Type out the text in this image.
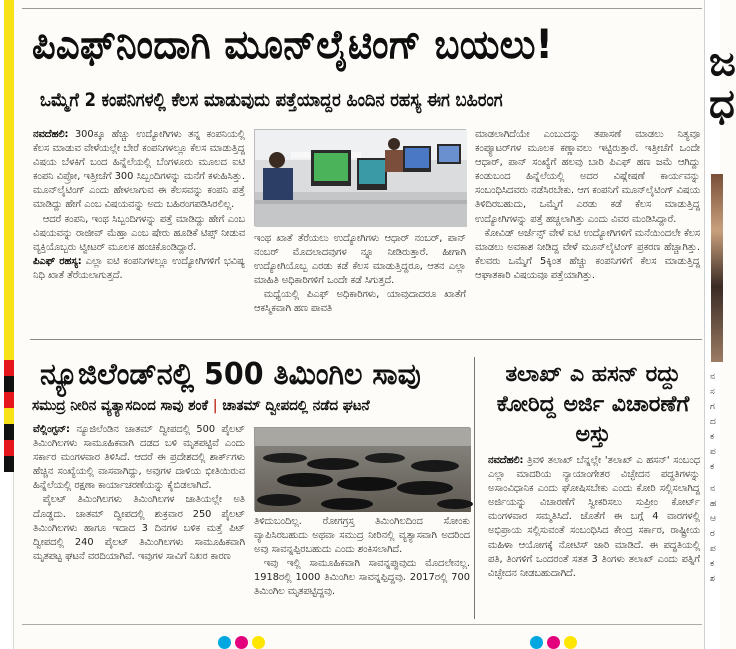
ಜ
ಧ
ನ
ಸ
ಗ
ದ
ಕ
ಪ
ಕ
ನ
ಹ
ಆ
ರ
ಪ
ಕ
ಶ
ಪಿಎಫ್‌ನಿಂದಾಗಿ ಮೂನ್‌ಲೈಟಿಂಗ್ ಬಯಲು!
ಒಮ್ಮೆಗೆ 2 ಕಂಪನಿಗಳಲ್ಲಿ ಕೆಲಸ ಮಾಡುವುದು ಪತ್ತೆಯಾದ್ದರ ಹಿಂದಿನ ರಹಸ್ಯ ಈಗ ಬಹಿರಂಗ
ನವದೆಹಲಿ: 300ಕ್ಕೂ ಹೆಚ್ಚು ಉದ್ಯೋಗಿಗಳು ತನ್ನ ಕಂಪನಿಯಲ್ಲಿ ಕೆಲಸ ಮಾಡುವ ವೇಳೆಯಲ್ಲೇ ಬೇರೆ ಕಂಪನಿಗಳಲ್ಲೂ ಕೆಲಸ ಮಾಡುತ್ತಿದ್ದ ವಿಷಯ ಬೆಳಕಿಗೆ ಬಂದ ಹಿನ್ನೆಲೆಯಲ್ಲಿ ಬೆಂಗಳೂರು ಮೂಲದ ಐಟಿ ಕಂಪನಿ ವಿಪ್ರೋ, ಇತ್ತೀಚೆಗೆ 300 ಸಿಬ್ಬಂದಿಗಳನ್ನು ಮನೆಗೆ ಕಳುಹಿಸಿತ್ತು. ಮೂನ್‌ಲೈಟಿಂಗ್ ಎಂದು ಹೇಳಲಾಗುವ ಈ ಕೆಲಸವನ್ನು ಕಂಪನಿ ಪತ್ತೆ ಮಾಡಿದ್ದು ಹೇಗೆ ಎಂಬ ವಿಷಯವನ್ನು ಅದು ಬಹಿರಂಗಪಡಿಸಿರಲಿಲ್ಲ.
 ಆದರೆ ಕಂಪನಿ, ಇಂಥ ಸಿಬ್ಬಂದಿಗಳನ್ನು ಪತ್ತೆ ಮಾಡಿದ್ದು ಹೇಗೆ ಎಂಬ ವಿಷಯವನ್ನು ರಾಜೀವ್ ಮೆಹ್ತಾ ಎಂಬ ಷೇರು ಹೂಡಿಕೆ ಟಿಪ್ಸ್ ನೀಡುವ ವ್ಯಕ್ತಿಯೊಬ್ಬರು ಟ್ವೀಟರ್ ಮೂಲಕ ಹಂಚಿಕೊಂಡಿದ್ದಾರೆ.
ಪಿಎಫ್ ರಹಸ್ಯ: ಎಲ್ಲಾ ಐಟಿ ಕಂಪನಿಗಳಲ್ಲೂ ಉದ್ಯೋಗಿಗಳಿಗೆ ಭವಿಷ್ಯ ನಿಧಿ ಖಾತೆ ತೆರೆಯಲಾಗುತ್ತದೆ.
ಇಂಥ ಖಾತೆ ತೆರೆಯಲು ಉದ್ಯೋಗಿಗಳು ಆಧಾರ್ ನಂಬರ್, ಪಾನ್ ನಂಬರ್ ಮೊದಲಾದವುಗಳ ನ್ನೂ ನೀಡಿರುತ್ತಾರೆ. ಹೀಗಾಗಿ ಉದ್ಯೋಗಿಯೊಬ್ಬ ಎರಡು ಕಡೆ ಕೆಲಸ ಮಾಡುತ್ತಿದ್ದರೂ, ಆತನ ಎಲ್ಲಾ ಮಾಹಿತಿ ಅಧಿಕಾರಿಗಳಿಗೆ ಒಂದೇ ಕಡೆ ಸಿಗುತ್ತದೆ.
 ಮಧ್ಯೆಯಲ್ಲಿ ಪಿಎಫ್ ಅಧಿಕಾರಿಗಳು, ಯಾವುದಾದರೂ ಖಾತೆಗೆ ಆಕಸ್ಮಿಕವಾಗಿ ಹಣ ಪಾವತಿ
ಮಾಡಲಾಗಿದೆಯೇ ಎಂಬುದನ್ನು ತಪಾಸಣೆ ಮಾಡಲು ನಿತ್ಯವೂ ಕಂಪ್ಯೂಟರ್‌ಗಳ ಮೂಲಕ ಕಣ್ಣಾವಲು ಇಟ್ಟಿರುತ್ತಾರೆ. ಇತ್ತೀಚೆಗೆ ಒಂದೇ ಆಧಾರ್, ಪಾನ್ ಸಂಖ್ಯೆಗೆ ಹಲವು ಬಾರಿ ಪಿಎಫ್ ಹಣ ಜಮೆ ಆಗಿದ್ದು ಕಂಡುಬಂದ ಹಿನ್ನೆಲೆಯಲ್ಲಿ ಅದರ ವಿಷ್ಲೇಷಣೆ ಕಾರ್ಯವನ್ನು ಸಂಬಂಧಿಸಿದವರು ನಡೆಸಿರಬೇಕು. ಆಗ ಕಂಪನಿಗೆ ಮೂನ್‌ಲೈಟಿಂಗ್ ವಿಷಯ ತಿಳಿದಿರಬಹುದು, ಒಮ್ಮೆಗೆ ಎರಡು ಕಡೆ ಕೆಲಸ ಮಾಡುತ್ತಿದ್ದ ಉದ್ಯೋಗಿಗಳನ್ನು ಪತ್ತೆ ಹಚ್ಚಲಾಗಿತ್ತು ಎಂದು ವಿವರ ಮಂಡಿಸಿದ್ದಾರೆ.
 ಕೋವಿಡ್ ಅರ್ಜೆನ್ಸ್ ವೇಳೆ ಐಟಿ ಉದ್ಯೋಗಿಗಳಿಗೆ ಮನೆಯಿಂದಲೇ ಕೆಲಸ ಮಾಡಲು ಅವಕಾಶ ನೀಡಿದ್ದ ವೇಳೆ ಮೂನ್‌ಲೈಟಿಂಗ್ ಪ್ರಕರಣ ಹೆಚ್ಚಾಗಿತ್ತು. ಕೆಲವರು ಒಮ್ಮೆಗೆ 5ಕ್ಕಿಂತ ಹೆಚ್ಚು ಕಂಪನಿಗಳಿಗೆ ಕೆಲಸ ಮಾಡುತ್ತಿದ್ದ ಆಘಾತಕಾರಿ ವಿಷಯವೂ ಪತ್ತೆಯಾಗಿತ್ತು.
ನ್ಯೂಜಿಲೆಂಡ್‌ನಲ್ಲಿ 500 ತಿಮಿಂಗಿಲ ಸಾವು
ಸಮುದ್ರ ನೀರಿನ ವ್ಯತ್ಯಾಸದಿಂದ ಸಾವು ಶಂಕೆ | ಚಾತಮ್ ದ್ವೀಪದಲ್ಲಿ ನಡೆದ ಘಟನೆ
ವೆಲ್ಲಿಂಗ್ಟನ್: ನ್ಯೂಜಿಲೆಂಡಿನ ಚಾತಮ್ ದ್ವೀಪದಲ್ಲಿ 500 ಪೈಲಟ್ ತಿಮಿಂಗಿಲಗಳು ಸಾಮೂಹಿಕವಾಗಿ ದಡದ ಬಳಿ ಮೃತಪಟ್ಟಿವೆ ಎಂದು ಸರ್ಕಾರ ಮಂಗಳವಾರ ತಿಳಿಸಿದೆ. ಆದರೆ ಈ ಪ್ರದೇಶದಲ್ಲಿ ಶಾರ್ಕ್‌ಗಳು ಹೆಚ್ಚಿನ ಸಂಖ್ಯೆಯಲ್ಲಿ ವಾಸವಾಗಿದ್ದು, ಅವುಗಳ ದಾಳಿಯ ಭೀತಿಯಿರುವ ಹಿನ್ನೆಲೆಯಲ್ಲಿ ರಕ್ಷಣಾ ಕಾರ್ಯಾಚರಣೆಯನ್ನು ಕೈಬಿಡಲಾಗಿದೆ.
 ಪೈಲಟ್ ತಿಮಿಂಗಿಲಗಳು ತಿಮಿಂಗಿಲಗಳ ಜಾತಿಯಲ್ಲೇ ಅತಿ ದೊಡ್ಡದು. ಚಾತಮ್ ದ್ವೀಪದಲ್ಲಿ ಶುಕ್ರವಾರ 250 ಪೈಲಟ್ ತಿಮಿಂಗಿಲಗಳು ಹಾಗೂ ಇದಾದ 3 ದಿನಗಳ ಬಳಿಕ ಮತ್ತೆ ಪಿಟ್ ದ್ವೀಪದಲ್ಲಿ 240 ಪೈಲಟ್ ತಿಮಿಂಗಿಲಗಳು ಸಾಮೂಹಿಕವಾಗಿ ಮೃತಪಟ್ಟ ಘಟನೆ ವರದಿಯಾಗಿವೆ. ಇವುಗಳ ಸಾವಿಗೆ ನಿಖರ ಕಾರಣ
ತಿಳಿದುಬಂದಿಲ್ಲ. ರೋಗಗ್ರಸ್ತ ತಿಮಿಂಗಿಲದಿಂದ ಸೋಂಕು ವ್ಯಾಪಿಸಿರಬಹುದು ಅಥವಾ ಸಮುದ್ರ ನೀರಿನಲ್ಲಿ ವ್ಯತ್ಯಾಸವಾಗಿ ಅದರಿಂದ ಅವು ಸಾವನ್ನಪ್ಪಿರಬಹುದು ಎಂದು ಶಂಕಿಸಲಾಗಿದೆ.
 ಇವು ಇಲ್ಲಿ ಸಾಮೂಹಿಕವಾಗಿ ಸಾವನ್ನಪ್ಪುವುದು ಮೊದಲೇನಲ್ಲ. 1918ರಲ್ಲಿ 1000 ತಿಮಿಂಗಿಲ ಸಾವನ್ನಪ್ಪಿದ್ದವು. 2017ರಲ್ಲಿ 700 ತಿಮಿಂಗಿಲ ಮೃತಪಟ್ಟಿದ್ದವು.
ತಲಾಖ್ ಎ ಹಸನ್ ರದ್ದು ಕೋರಿದ್ದ ಅರ್ಜಿ ವಿಚಾರಣೆಗೆ ಅಸ್ತು
ನವದೆಹಲಿ: ತ್ರಿವಳಿ ತಲಾಖ್ ಬೆನ್ನಲ್ಲೇ 'ತಲಾಖ್ ಎ ಹಸನ್' ಸಂಬಂಧ ಎಲ್ಲಾ ಮಾದರಿಯ ನ್ಯಾಯಾಂಗೇತರ ವಿಚ್ಛೇದನ ಪದ್ಧತಿಗಳನ್ನು ಅಸಾಂವಿಧಾನಿಕ ಎಂದು ಘೋಷಿಸಬೇಕು ಎಂದು ಕೋರಿ ಸಲ್ಲಿಸಲಾಗಿದ್ದ ಅರ್ಜಿಯನ್ನು ವಿಚಾರಣೆಗೆ ಸ್ವೀಕರಿಸಲು ಸುಪ್ರೀಂ ಕೋರ್ಟ್ ಮಂಗಳವಾರ ಸಮ್ಮತಿಸಿದೆ. ಜೊತೆಗೆ ಈ ಬಗ್ಗೆ 4 ವಾರಗಳಲ್ಲಿ ಅಭಿಪ್ರಾಯ ಸಲ್ಲಿಸುವಂತೆ ಸಂಬಂಧಿಸಿದ ಕೇಂದ್ರ ಸರ್ಕಾರ, ರಾಷ್ಟ್ರೀಯ ಮಹಿಳಾ ಆಯೋಗಕ್ಕೆ ನೋಟಿಸ್ ಜಾರಿ ಮಾಡಿದೆ. ಈ ಪದ್ಧತಿಯಲ್ಲಿ ಪತಿ, ತಿಂಗಳಿಗೆ ಒಂದರಂತೆ ಸತತ 3 ತಿಂಗಳು ತಲಾಖ್ ಎಂದು ಪತ್ನಿಗೆ ವಿಚ್ಛೇದನ ನೀಡಬಹುದಾಗಿದೆ.
